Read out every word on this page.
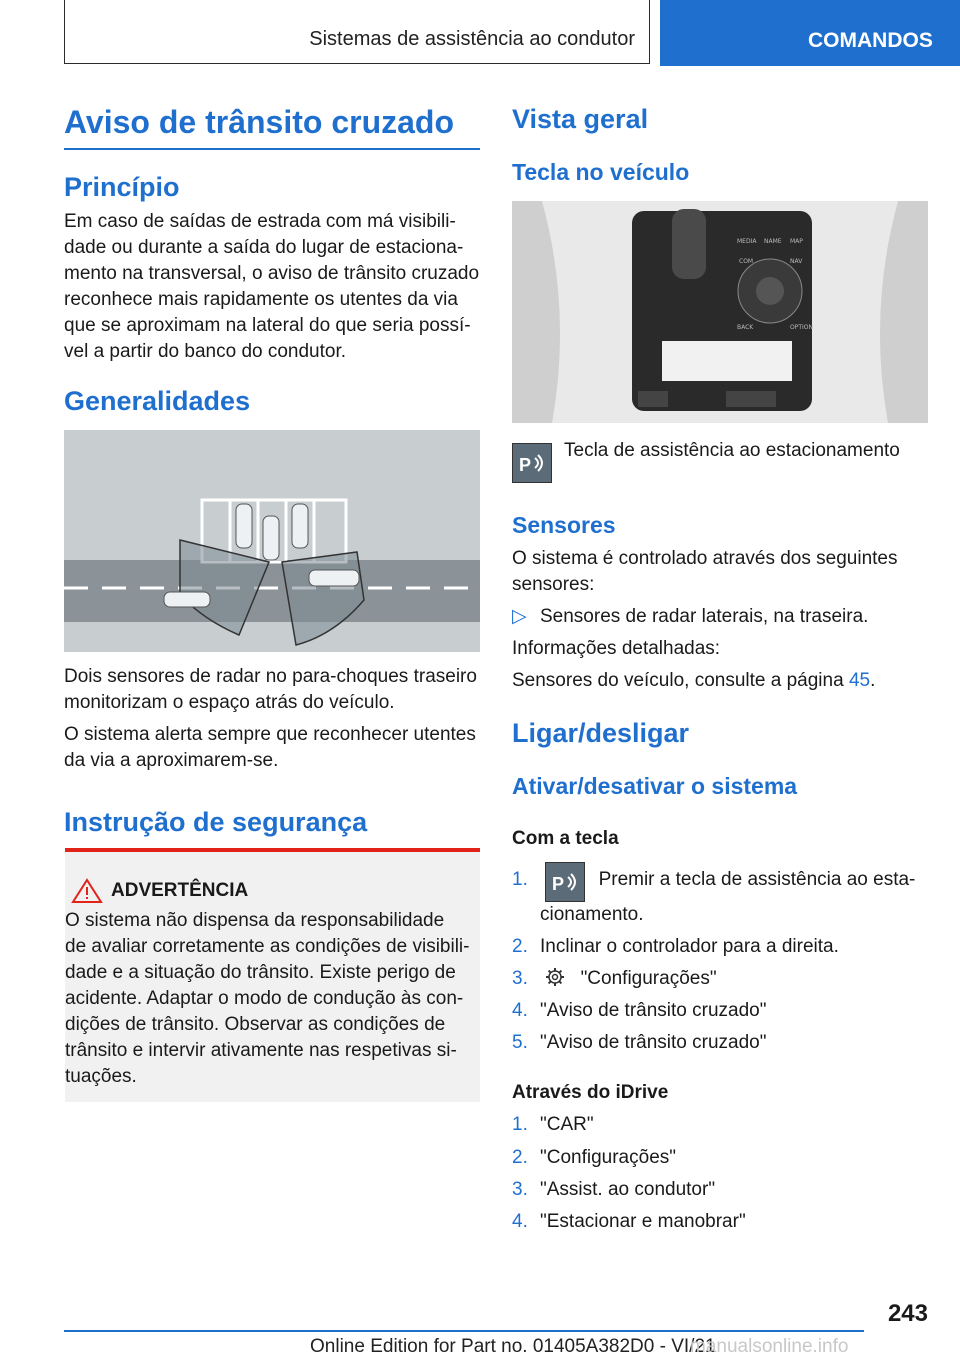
Sistemas de assistência ao condutor	COMANDOS
Aviso de trânsito cruzado
Princípio
Em caso de saídas de estrada com má visibili-
dade ou durante a saída do lugar de estaciona-
mento na transversal, o aviso de trânsito cruzado
reconhece mais rapidamente os utentes da via
que se aproximam na lateral do que seria possí-
vel a partir do banco do condutor.
Generalidades
Dois sensores de radar no para-choques traseiro
monitorizam o espaço atrás do veículo.
O sistema alerta sempre que reconhecer utentes
da via a aproximarem-se.
Instrução de segurança
ADVERTÊNCIA
O sistema não dispensa da responsabilidade
de avaliar corretamente as condições de visibili-
dade e a situação do trânsito. Existe perigo de
acidente. Adaptar o modo de condução às con-
dições de trânsito. Observar as condições de
trânsito e intervir ativamente nas respetivas si-
tuações.
Vista geral
Tecla no veículo
MEDIA NAME MAP
COM	NAV
BACK	OPTION
P
Tecla de assistência ao estacionamento
Sensores
O sistema é controlado através dos seguintes
sensores:
▷ Sensores de radar laterais, na traseira.
Informações detalhadas:
Sensores do veículo, consulte a página 45.
Ligar/desligar
Ativar/desativar o sistema
Com a tecla
1. P Premir a tecla de assistência ao esta-
cionamento.
2. Inclinar o controlador para a direita.
3.	"Configurações"
4. "Aviso de trânsito cruzado"
5. "Aviso de trânsito cruzado"
Através do iDrive
1. "CAR"
2. "Configurações"
3. "Assist. ao condutor"
4. "Estacionar e manobrar"
243
Online Edition for Part no. 01405A382D0 - VI/21
manualsonline.info
